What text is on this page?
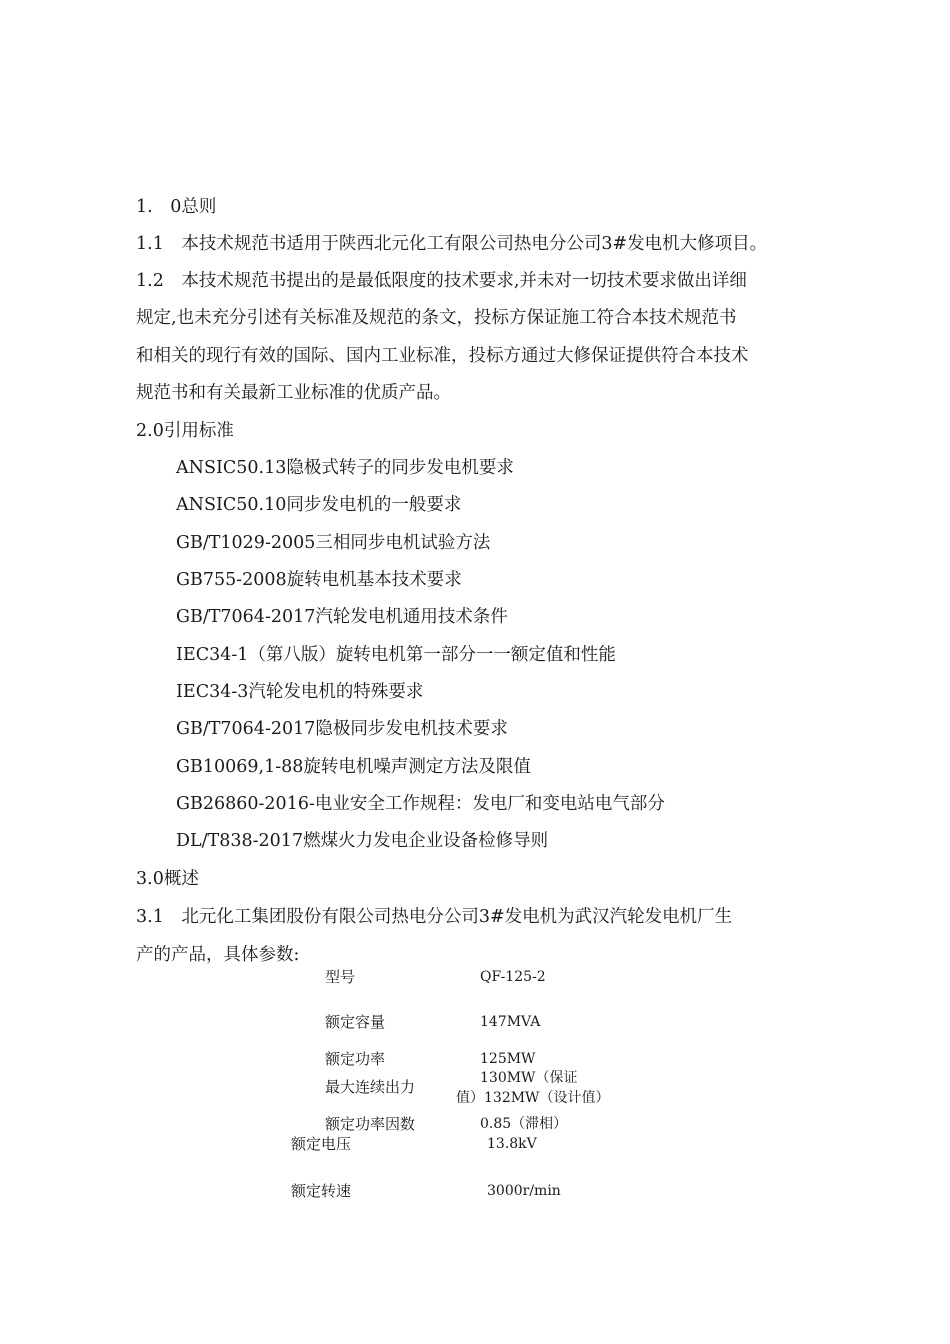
1.　0总则
1.1　本技术规范书适用于陕西北元化工有限公司热电分公司3#发电机大修项目。
1.2　本技术规范书提出的是最低限度的技术要求,并未对一切技术要求做出详细
规定,也未充分引述有关标准及规范的条文，投标方保证施工符合本技术规范书
和相关的现行有效的国际、国内工业标准，投标方通过大修保证提供符合本技术
规范书和有关最新工业标准的优质产品。
2.0引用标准
ANSIC50.13隐极式转子的同步发电机要求
ANSIC50.10同步发电机的一般要求
GB/T1029-2005三相同步电机试验方法
GB755-2008旋转电机基本技术要求
GB/T7064-2017汽轮发电机通用技术条件
IEC34-1（第八版）旋转电机第一部分一一额定值和性能
IEC34-3汽轮发电机的特殊要求
GB/T7064-2017隐极同步发电机技术要求
GB10069,1-88旋转电机噪声测定方法及限值
GB26860-2016-电业安全工作规程：发电厂和变电站电气部分
DL/T838-2017燃煤火力发电企业设备检修导则
3.0概述
3.1　北元化工集团股份有限公司热电分公司3#发电机为武汉汽轮发电机厂生
产的产品，具体参数:
型号	QF-125-2
额定容量	147MVA
额定功率	125MW
最大连续出力	130MW（保证
值）132MW（设计值）
额定功率因数	0.85（滞相）
额定电压	13.8kV
额定转速	3000r/min
